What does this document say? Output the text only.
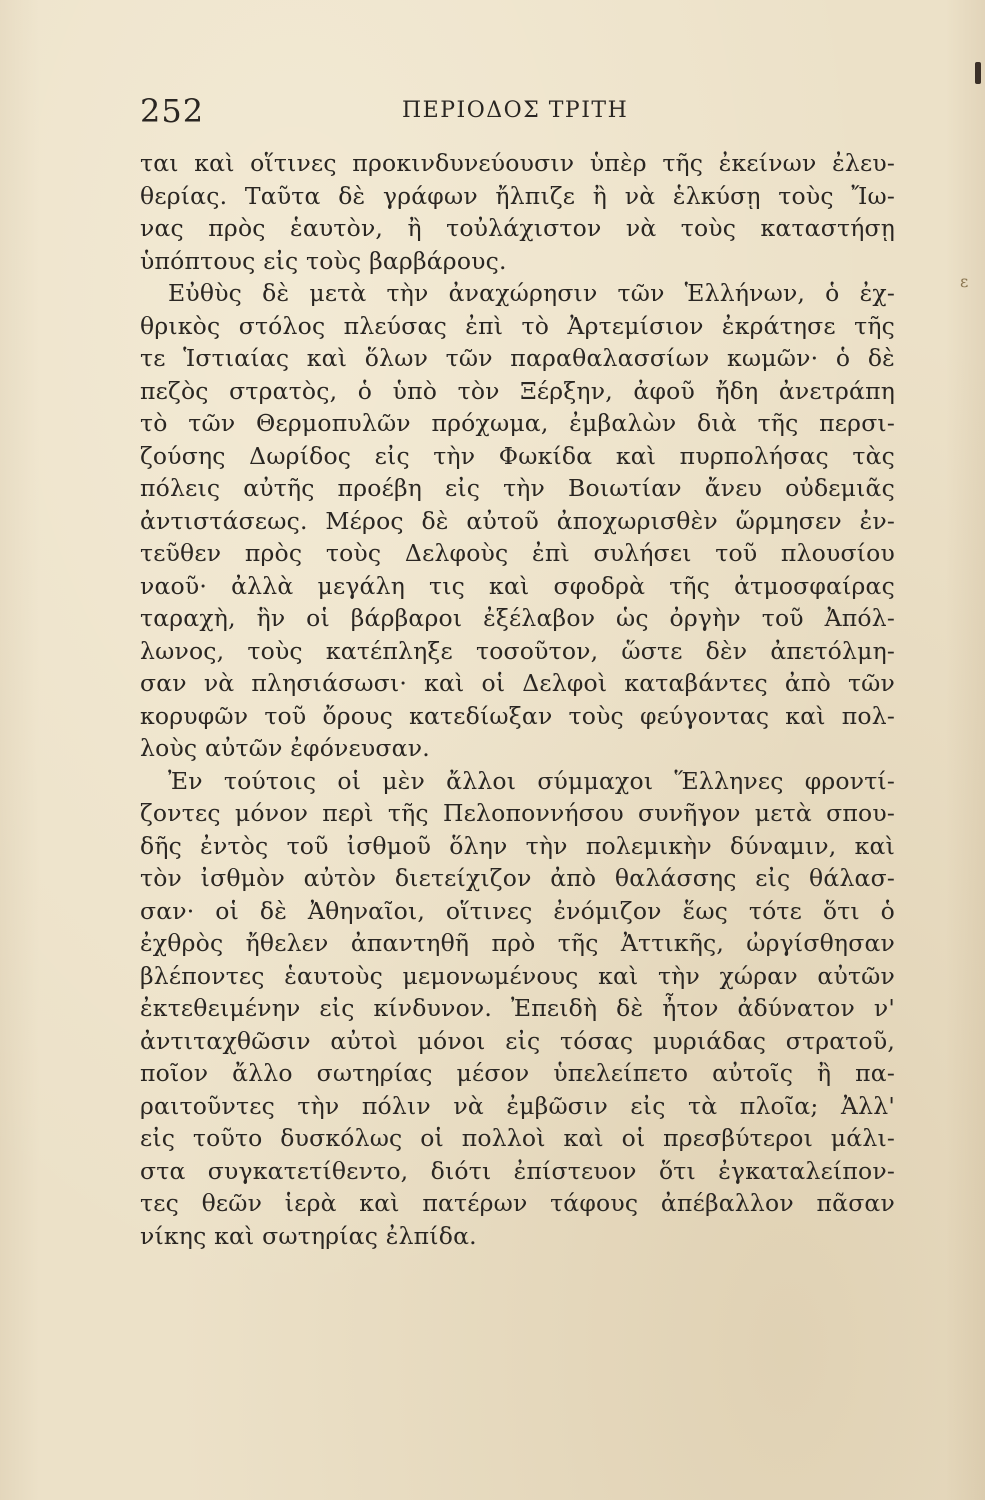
ε
252	ΠΕΡΙΟΔΟΣ ΤΡΙΤΗ
ται καὶ οἵτινες προκινδυνεύουσιν ὑπὲρ τῆς ἐκείνων ἐλευ-
θερίας. Ταῦτα δὲ γράφων ἤλπιζε ἢ νὰ ἑλκύσῃ τοὺς Ἴω-
νας πρὸς ἑαυτὸν, ἢ τοὐλάχιστον νὰ τοὺς καταστήσῃ
ὑπόπτους εἰς τοὺς βαρβάρους.
Εὐθὺς δὲ μετὰ τὴν ἀναχώρησιν τῶν Ἑλλήνων, ὁ ἐχ-
θρικὸς στόλος πλεύσας ἐπὶ τὸ Ἀρτεμίσιον ἐκράτησε τῆς
τε Ἱστιαίας καὶ ὅλων τῶν παραθαλασσίων κωμῶν· ὁ δὲ
πεζὸς στρατὸς, ὁ ὑπὸ τὸν Ξέρξην, ἀφοῦ ἤδη ἀνετράπη
τὸ τῶν Θερμοπυλῶν πρόχωμα, ἐμβαλὼν διὰ τῆς περσι-
ζούσης Δωρίδος εἰς τὴν Φωκίδα καὶ πυρπολήσας τὰς
πόλεις αὐτῆς προέβη εἰς τὴν Βοιωτίαν ἄνευ οὐδεμιᾶς
ἀντιστάσεως. Μέρος δὲ αὐτοῦ ἀποχωρισθὲν ὥρμησεν ἐν-
τεῦθεν πρὸς τοὺς Δελφοὺς ἐπὶ συλήσει τοῦ πλουσίου
ναοῦ· ἀλλὰ μεγάλη τις καὶ σφοδρὰ τῆς ἀτμοσφαίρας
ταραχὴ, ἣν οἱ βάρβαροι ἐξέλαβον ὡς ὀργὴν τοῦ Ἀπόλ-
λωνος, τοὺς κατέπληξε τοσοῦτον, ὥστε δὲν ἀπετόλμη-
σαν νὰ πλησιάσωσι· καὶ οἱ Δελφοὶ καταβάντες ἀπὸ τῶν
κορυφῶν τοῦ ὄρους κατεδίωξαν τοὺς φεύγοντας καὶ πολ-
λοὺς αὐτῶν ἐφόνευσαν.
Ἐν τούτοις οἱ μὲν ἄλλοι σύμμαχοι Ἕλληνες φροντί-
ζοντες μόνον περὶ τῆς Πελοποννήσου συνῆγον μετὰ σπου-
δῆς ἐντὸς τοῦ ἰσθμοῦ ὅλην τὴν πολεμικὴν δύναμιν, καὶ
τὸν ἰσθμὸν αὐτὸν διετείχιζον ἀπὸ θαλάσσης εἰς θάλασ-
σαν· οἱ δὲ Ἀθηναῖοι, οἵτινες ἐνόμιζον ἕως τότε ὅτι ὁ
ἐχθρὸς ἤθελεν ἀπαντηθῆ πρὸ τῆς Ἀττικῆς, ὠργίσθησαν
βλέποντες ἑαυτοὺς μεμονωμένους καὶ τὴν χώραν αὐτῶν
ἐκτεθειμένην εἰς κίνδυνον. Ἐπειδὴ δὲ ἦτον ἀδύνατον ν'
ἀντιταχθῶσιν αὐτοὶ μόνοι εἰς τόσας μυριάδας στρατοῦ,
ποῖον ἄλλο σωτηρίας μέσον ὑπελείπετο αὐτοῖς ἢ πα-
ραιτοῦντες τὴν πόλιν νὰ ἐμβῶσιν εἰς τὰ πλοῖα; Ἀλλ'
εἰς τοῦτο δυσκόλως οἱ πολλοὶ καὶ οἱ πρεσβύτεροι μάλι-
στα συγκατετίθεντο, διότι ἐπίστευον ὅτι ἐγκαταλείπον-
τες θεῶν ἱερὰ καὶ πατέρων τάφους ἀπέβαλλον πᾶσαν
νίκης καὶ σωτηρίας ἐλπίδα.
